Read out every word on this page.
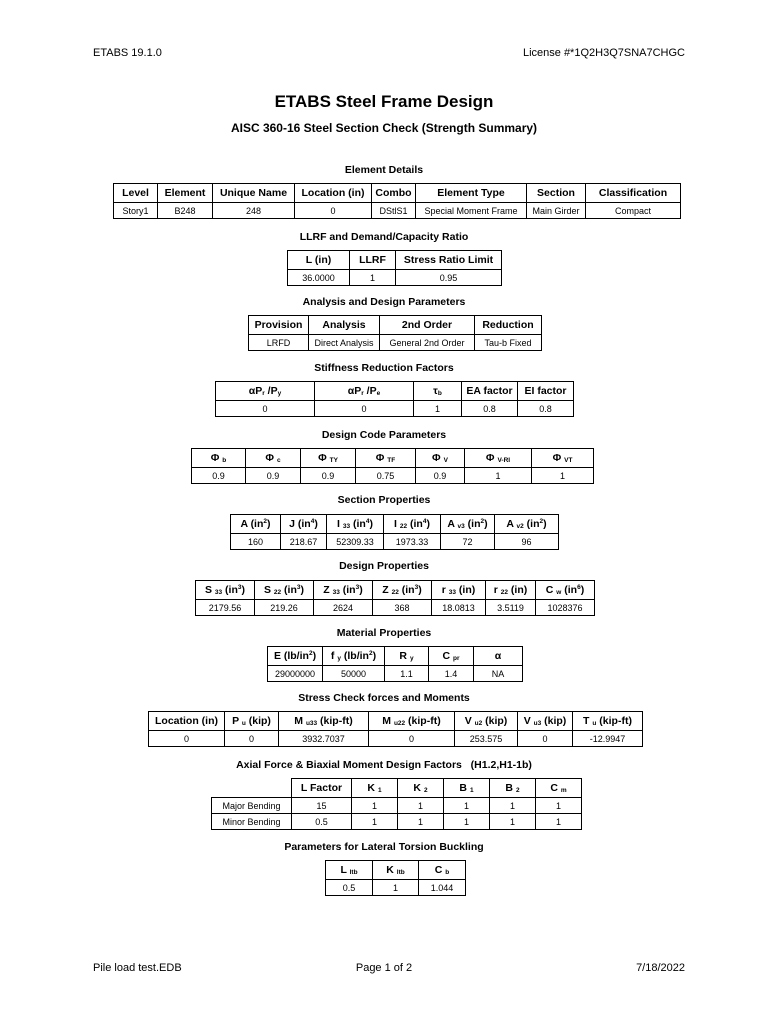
ETABS 19.1.0	License #*1Q2H3Q7SNA7CHGC
ETABS Steel Frame Design
AISC 360-16 Steel Section Check (Strength Summary)
Element Details
Level	Element	Unique Name	Location (in)	Combo	Element Type	Section	Classification
Story1	B248	248	0	DStlS1	Special Moment Frame	Main Girder	Compact
LLRF and Demand/Capacity Ratio
L (in)	LLRF	Stress Ratio Limit
36.0000	1	0.95
Analysis and Design Parameters
Provision	Analysis	2nd Order	Reduction
LRFD	Direct Analysis	General 2nd Order	Tau-b Fixed
Stiffness Reduction Factors
$\alpha P_r$ $/P_y$	$\alpha P_r$ $/P_e$	$\tau_b$	EA factor	EI factor
0	0	1	0.8	0.8
Design Code Parameters
Φ $_b$	Φ $_c$	Φ $_{TY}$	Φ $_{TF}$	Φ $_V$	Φ $_{V-RI}$	Φ $_{VT}$
0.9	0.9	0.9	0.75	0.9	1	1
Section Properties
A $(in^2)$	J $(in^4)$	I $_{33}$ $(in^4)$	I $_{22}$ $(in^4)$	A $_{v3}$ $(in^2)$	A $_{v2}$ $(in^2)$
160	218.67	52309.33	1973.33	72	96
Design Properties
S $_{33}$ $(in^3)$	S $_{22}$ $(in^3)$	Z $_{33}$ $(in^3)$	Z $_{22}$ $(in^3)$	r $_{33}$ (in)	r $_{22}$ (in)	C $_w$ $(in^6)$
2179.56	219.26	2624	368	18.0813	3.5119	1028376
Material Properties
E $(lb/in^2)$	f $_y$ $(lb/in^2)$	R $_y$	C $_{pr}$	α
29000000	50000	1.1	1.4	NA
Stress Check forces and Moments
Location (in)	P $_u$ (kip)	M $_{u33}$ (kip-ft)	M $_{u22}$ (kip-ft)	V $_{u2}$ (kip)	V $_{u3}$ (kip)	T $_u$ (kip-ft)
0	0	3932.7037	0	253.575	0	-12.9947
Axial Force & Biaxial Moment Design Factors (H1.2,H1-1b)
	L Factor	K $_1$	K $_2$	B $_1$	B $_2$	C $_m$
Major Bending	15	1	1	1	1	1
Minor Bending	0.5	1	1	1	1	1
Parameters for Lateral Torsion Buckling
L $_{ltb}$	K $_{ltb}$	C $_b$
0.5	1	1.044
Pile load test.EDB	Page 1 of 2	7/18/2022
